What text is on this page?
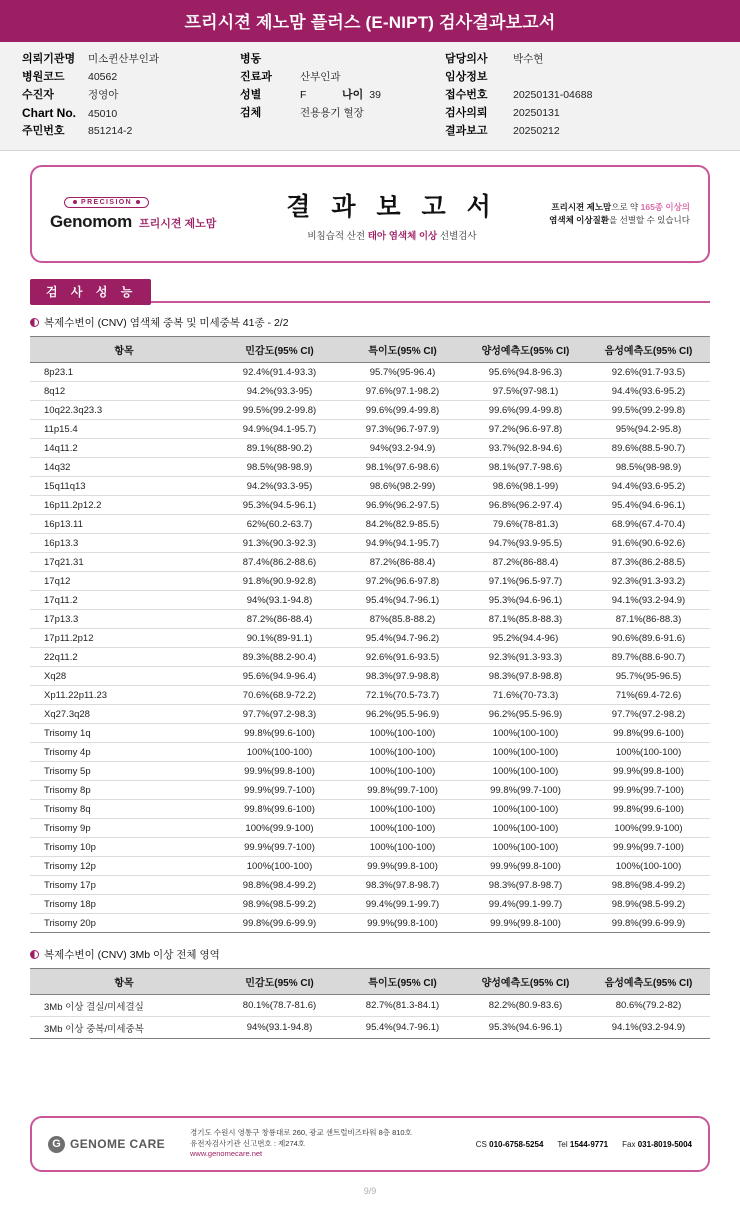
프리시젼 제노맘 플러스 (E-NIPT) 검사결과보고서
의뢰기관명	미소퀸산부인과
병원코드	40562
수진자	정영아
Chart No.	45010
주민번호	851214-2
병동
진료과	산부인과
성별	F	나이 39
검체	전용용기 혈장
담당의사	박수현
임상정보
접수번호	20250131-04688
검사의뢰	20250131
결과보고	20250212
PRECISION
Genomom 프리시젼 제노맘
결 과 보 고 서
비침습적 산전 태아 염색체 이상 선별검사
프리시젼 제노맘으로 약 165종 이상의
염색체 이상질환을 선별할 수 있습니다
검 사 성 능
복제수변이 (CNV) 염색체 중복 및 미세중복 41종 - 2/2
항목	민감도(95% CI)	특이도(95% CI)	양성예측도(95% CI)	음성예측도(95% CI)
8p23.1	92.4%(91.4-93.3)	95.7%(95-96.4)	95.6%(94.8-96.3)	92.6%(91.7-93.5)
8q12	94.2%(93.3-95)	97.6%(97.1-98.2)	97.5%(97-98.1)	94.4%(93.6-95.2)
10q22.3q23.3	99.5%(99.2-99.8)	99.6%(99.4-99.8)	99.6%(99.4-99.8)	99.5%(99.2-99.8)
11p15.4	94.9%(94.1-95.7)	97.3%(96.7-97.9)	97.2%(96.6-97.8)	95%(94.2-95.8)
14q11.2	89.1%(88-90.2)	94%(93.2-94.9)	93.7%(92.8-94.6)	89.6%(88.5-90.7)
14q32	98.5%(98-98.9)	98.1%(97.6-98.6)	98.1%(97.7-98.6)	98.5%(98-98.9)
15q11q13	94.2%(93.3-95)	98.6%(98.2-99)	98.6%(98.1-99)	94.4%(93.6-95.2)
16p11.2p12.2	95.3%(94.5-96.1)	96.9%(96.2-97.5)	96.8%(96.2-97.4)	95.4%(94.6-96.1)
16p13.11	62%(60.2-63.7)	84.2%(82.9-85.5)	79.6%(78-81.3)	68.9%(67.4-70.4)
16p13.3	91.3%(90.3-92.3)	94.9%(94.1-95.7)	94.7%(93.9-95.5)	91.6%(90.6-92.6)
17q21.31	87.4%(86.2-88.6)	87.2%(86-88.4)	87.2%(86-88.4)	87.3%(86.2-88.5)
17q12	91.8%(90.9-92.8)	97.2%(96.6-97.8)	97.1%(96.5-97.7)	92.3%(91.3-93.2)
17q11.2	94%(93.1-94.8)	95.4%(94.7-96.1)	95.3%(94.6-96.1)	94.1%(93.2-94.9)
17p13.3	87.2%(86-88.4)	87%(85.8-88.2)	87.1%(85.8-88.3)	87.1%(86-88.3)
17p11.2p12	90.1%(89-91.1)	95.4%(94.7-96.2)	95.2%(94.4-96)	90.6%(89.6-91.6)
22q11.2	89.3%(88.2-90.4)	92.6%(91.6-93.5)	92.3%(91.3-93.3)	89.7%(88.6-90.7)
Xq28	95.6%(94.9-96.4)	98.3%(97.9-98.8)	98.3%(97.8-98.8)	95.7%(95-96.5)
Xp11.22p11.23	70.6%(68.9-72.2)	72.1%(70.5-73.7)	71.6%(70-73.3)	71%(69.4-72.6)
Xq27.3q28	97.7%(97.2-98.3)	96.2%(95.5-96.9)	96.2%(95.5-96.9)	97.7%(97.2-98.2)
Trisomy 1q	99.8%(99.6-100)	100%(100-100)	100%(100-100)	99.8%(99.6-100)
Trisomy 4p	100%(100-100)	100%(100-100)	100%(100-100)	100%(100-100)
Trisomy 5p	99.9%(99.8-100)	100%(100-100)	100%(100-100)	99.9%(99.8-100)
Trisomy 8p	99.9%(99.7-100)	99.8%(99.7-100)	99.8%(99.7-100)	99.9%(99.7-100)
Trisomy 8q	99.8%(99.6-100)	100%(100-100)	100%(100-100)	99.8%(99.6-100)
Trisomy 9p	100%(99.9-100)	100%(100-100)	100%(100-100)	100%(99.9-100)
Trisomy 10p	99.9%(99.7-100)	100%(100-100)	100%(100-100)	99.9%(99.7-100)
Trisomy 12p	100%(100-100)	99.9%(99.8-100)	99.9%(99.8-100)	100%(100-100)
Trisomy 17p	98.8%(98.4-99.2)	98.3%(97.8-98.7)	98.3%(97.8-98.7)	98.8%(98.4-99.2)
Trisomy 18p	98.9%(98.5-99.2)	99.4%(99.1-99.7)	99.4%(99.1-99.7)	98.9%(98.5-99.2)
Trisomy 20p	99.8%(99.6-99.9)	99.9%(99.8-100)	99.9%(99.8-100)	99.8%(99.6-99.9)
복제수변이 (CNV) 3Mb 이상 전체 영역
항목	민감도(95% CI)	특이도(95% CI)	양성예측도(95% CI)	음성예측도(95% CI)
3Mb 이상 결실/미세결실	80.1%(78.7-81.6)	82.7%(81.3-84.1)	82.2%(80.9-83.6)	80.6%(79.2-82)
3Mb 이상 중복/미세중복	94%(93.1-94.8)	95.4%(94.7-96.1)	95.3%(94.6-96.1)	94.1%(93.2-94.9)
G GENOME CARE
경기도 수원시 영통구 창룡대로 260, 광교 센트럴비즈타워 8층 810호
유전자검사기관 신고번호 : 제274호
www.genomecare.net
CS 010-6758-5254 Tel 1544-9771 Fax 031-8019-5004
9/9
